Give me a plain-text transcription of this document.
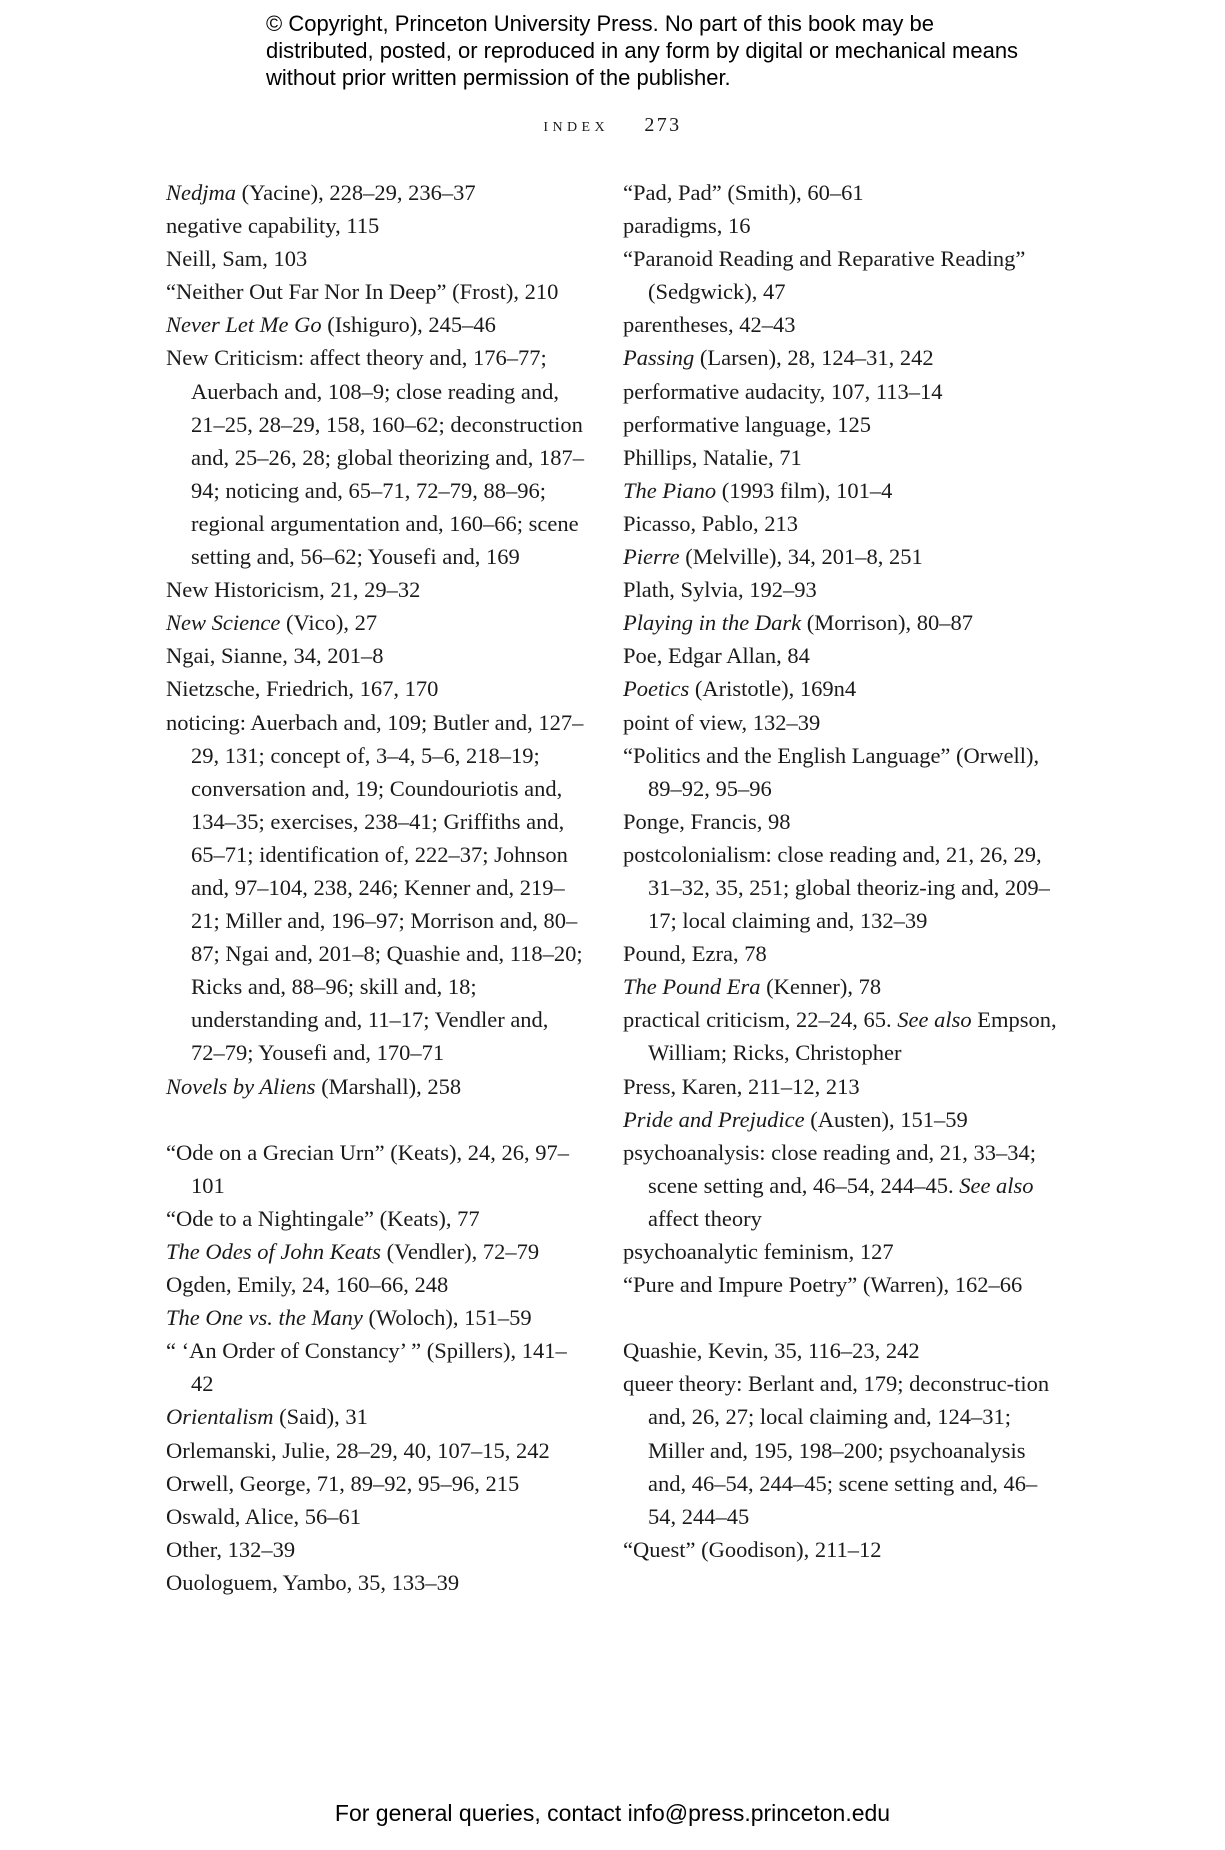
© Copyright, Princeton University Press. No part of this book may be distributed, posted, or reproduced in any form by digital or mechanical means without prior written permission of the publisher.
index 273
Nedjma (Yacine), 228–29, 236–37
negative capability, 115
Neill, Sam, 103
“Neither Out Far Nor In Deep” (Frost), 210
Never Let Me Go (Ishiguro), 245–46
New Criticism: affect theory and, 176–77; Auerbach and, 108–9; close reading and, 21–25, 28–29, 158, 160–62; deconstruction and, 25–26, 28; global theorizing and, 187–94; noticing and, 65–71, 72–79, 88–96; regional argumentation and, 160–66; scene setting and, 56–62; Yousefi and, 169
New Historicism, 21, 29–32
New Science (Vico), 27
Ngai, Sianne, 34, 201–8
Nietzsche, Friedrich, 167, 170
noticing: Auerbach and, 109; Butler and, 127–29, 131; concept of, 3–4, 5–6, 218–19; conversation and, 19; Coundouriotis and, 134–35; exercises, 238–41; Griffiths and, 65–71; identification of, 222–37; Johnson and, 97–104, 238, 246; Kenner and, 219–21; Miller and, 196–97; Morrison and, 80–87; Ngai and, 201–8; Quashie and, 118–20; Ricks and, 88–96; skill and, 18; understanding and, 11–17; Vendler and, 72–79; Yousefi and, 170–71
Novels by Aliens (Marshall), 258
“Ode on a Grecian Urn” (Keats), 24, 26, 97–101
“Ode to a Nightingale” (Keats), 77
The Odes of John Keats (Vendler), 72–79
Ogden, Emily, 24, 160–66, 248
The One vs. the Many (Woloch), 151–59
“ ‘An Order of Constancy’ ” (Spillers), 141–42
Orientalism (Said), 31
Orlemanski, Julie, 28–29, 40, 107–15, 242
Orwell, George, 71, 89–92, 95–96, 215
Oswald, Alice, 56–61
Other, 132–39
Ouologuem, Yambo, 35, 133–39
“Pad, Pad” (Smith), 60–61
paradigms, 16
“Paranoid Reading and Reparative Reading” (Sedgwick), 47
parentheses, 42–43
Passing (Larsen), 28, 124–31, 242
performative audacity, 107, 113–14
performative language, 125
Phillips, Natalie, 71
The Piano (1993 film), 101–4
Picasso, Pablo, 213
Pierre (Melville), 34, 201–8, 251
Plath, Sylvia, 192–93
Playing in the Dark (Morrison), 80–87
Poe, Edgar Allan, 84
Poetics (Aristotle), 169n4
point of view, 132–39
“Politics and the English Language” (Orwell), 89–92, 95–96
Ponge, Francis, 98
postcolonialism: close reading and, 21, 26, 29, 31–32, 35, 251; global theoriz-ing and, 209–17; local claiming and, 132–39
Pound, Ezra, 78
The Pound Era (Kenner), 78
practical criticism, 22–24, 65. See also Empson, William; Ricks, Christopher
Press, Karen, 211–12, 213
Pride and Prejudice (Austen), 151–59
psychoanalysis: close reading and, 21, 33–34; scene setting and, 46–54, 244–45. See also affect theory
psychoanalytic feminism, 127
“Pure and Impure Poetry” (Warren), 162–66
Quashie, Kevin, 35, 116–23, 242
queer theory: Berlant and, 179; deconstruc-tion and, 26, 27; local claiming and, 124–31; Miller and, 195, 198–200; psychoanalysis and, 46–54, 244–45; scene setting and, 46–54, 244–45
“Quest” (Goodison), 211–12
For general queries, contact info@press.princeton.edu
